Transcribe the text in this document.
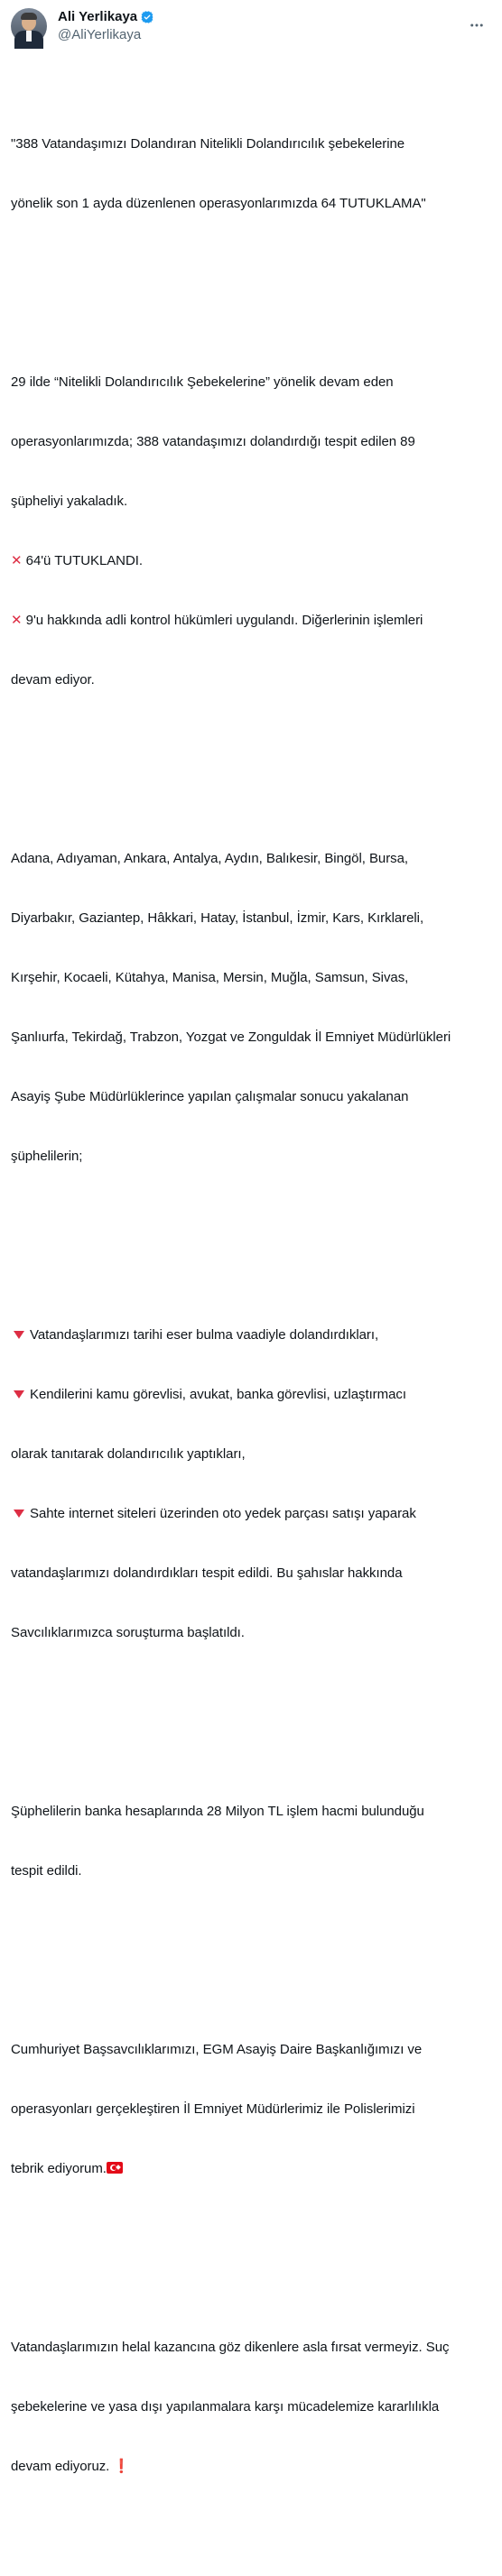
Ali Yerlikaya
@AliYerlikaya

"388 Vatandaşımızı Dolandıran Nitelikli Dolandırıcılık şebekelerine

yönelik son 1 ayda düzenlenen operasyonlarımızda 64 TUTUKLAMA"

29 ilde “Nitelikli Dolandırıcılık Şebekelerine” yönelik devam eden

operasyonlarımızda; 388 vatandaşımızı dolandırdığı tespit edilen 89

şüpheliyi yakaladık.

✕ 64'ü TUTUKLANDI.

✕ 9'u hakkında adli kontrol hükümleri uygulandı. Diğerlerinin işlemleri

devam ediyor.

Adana, Adıyaman, Ankara, Antalya, Aydın, Balıkesir, Bingöl, Bursa,

Diyarbakır, Gaziantep, Hâkkari, Hatay, İstanbul, İzmir, Kars, Kırklareli,

Kırşehir, Kocaeli, Kütahya, Manisa, Mersin, Muğla, Samsun, Sivas,

Şanlıurfa, Tekirdağ, Trabzon, Yozgat ve Zonguldak İl Emniyet Müdürlükleri

Asayiş Şube Müdürlüklerince yapılan çalışmalar sonucu yakalanan

şüphelilerin;

Vatandaşlarımızı tarihi eser bulma vaadiyle dolandırdıkları,

Kendilerini kamu görevlisi, avukat, banka görevlisi, uzlaştırmacı

olarak tanıtarak dolandırıcılık yaptıkları,

Sahte internet siteleri üzerinden oto yedek parçası satışı yaparak

vatandaşlarımızı dolandırdıkları tespit edildi. Bu şahıslar hakkında

Savcılıklarımızca soruşturma başlatıldı.

Şüphelilerin banka hesaplarında 28 Milyon TL işlem hacmi bulunduğu

tespit edildi.

Cumhuriyet Başsavcılıklarımızı, EGM Asayiş Daire Başkanlığımızı ve

operasyonları gerçekleştiren İl Emniyet Müdürlerimiz ile Polislerimizi

tebrik ediyorum.

Vatandaşlarımızın helal kazancına göz dikenlere asla fırsat vermeyiz. Suç

şebekelerine ve yasa dışı yapılanmalara karşı mücadelemize kararlılıkla

devam ediyoruz. ❗
